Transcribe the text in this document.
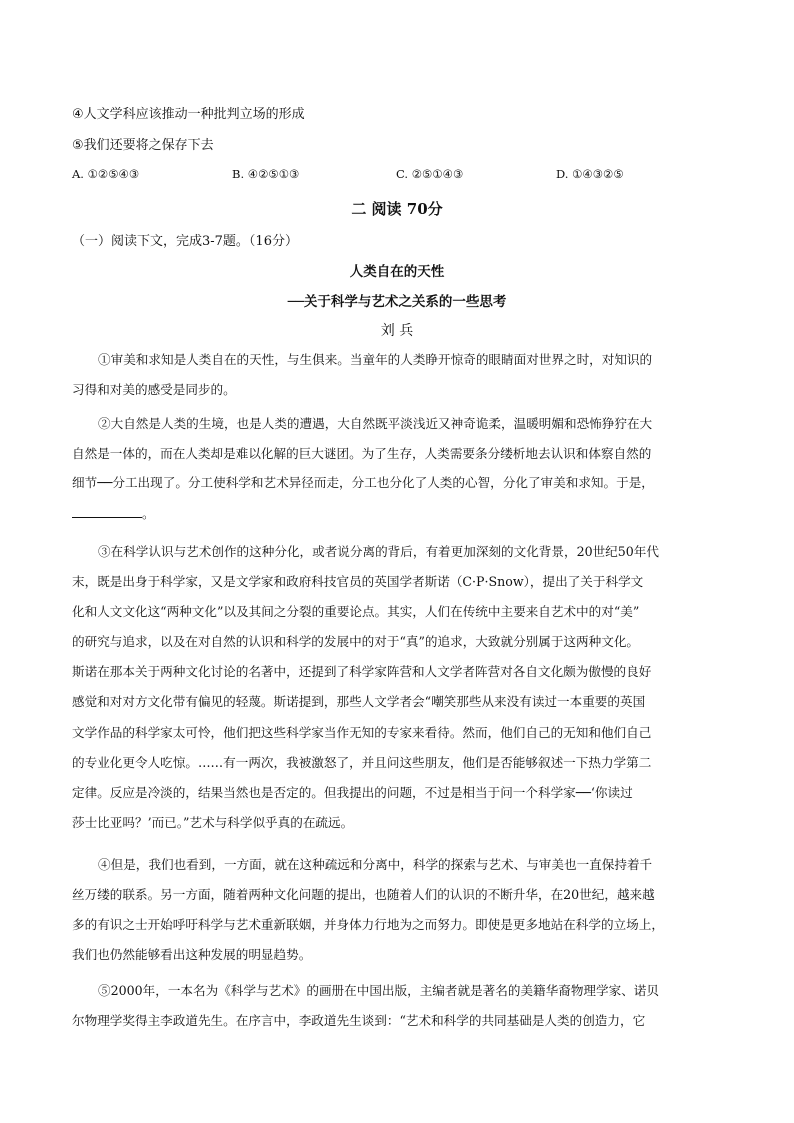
④人文学科应该推动一种批判立场的形成
⑤我们还要将之保存下去
A. ①②⑤④③	B. ④②⑤①③	C. ②⑤①④③	D. ①④③②⑤
二 阅读 70分
（一）阅读下文，完成3-7题。（16分）
人类自在的天性
──关于科学与艺术之关系的一些思考
刘 兵
①审美和求知是人类自在的天性，与生俱来。当童年的人类睁开惊奇的眼睛面对世界之时，对知识的
习得和对美的感受是同步的。
②大自然是人类的生境，也是人类的遭遇，大自然既平淡浅近又神奇诡柔，温暖明媚和恐怖狰狞在大
自然是一体的，而在人类却是难以化解的巨大谜团。为了生存，人类需要条分缕析地去认识和体察自然的
细节──分工出现了。分工使科学和艺术异径而走，分工也分化了人类的心智，分化了审美和求知。于是，
。
③在科学认识与艺术创作的这种分化，或者说分离的背后，有着更加深刻的文化背景，20世纪50年代
末，既是出身于科学家，又是文学家和政府科技官员的英国学者斯诺（C·P·Snow），提出了关于科学文
化和人文文化这“两种文化”以及其间之分裂的重要论点。其实，人们在传统中主要来自艺术中的对“美”
的研究与追求，以及在对自然的认识和科学的发展中的对于“真”的追求，大致就分别属于这两种文化。
斯诺在那本关于两种文化讨论的名著中，还提到了科学家阵营和人文学者阵营对各自文化颇为傲慢的良好
感觉和对对方文化带有偏见的轻蔑。斯诺提到，那些人文学者会“嘲笑那些从来没有读过一本重要的英国
文学作品的科学家太可怜，他们把这些科学家当作无知的专家来看待。然而，他们自己的无知和他们自己
的专业化更令人吃惊。……有一两次，我被激怒了，并且问这些朋友，他们是否能够叙述一下热力学第二
定律。反应是冷淡的，结果当然也是否定的。但我提出的问题，不过是相当于问一个科学家──‘你读过
莎士比亚吗？’而已。”艺术与科学似乎真的在疏远。
④但是，我们也看到，一方面，就在这种疏远和分离中，科学的探索与艺术、与审美也一直保持着千
丝万缕的联系。另一方面，随着两种文化问题的提出，也随着人们的认识的不断升华，在20世纪，越来越
多的有识之士开始呼吁科学与艺术重新联姻，并身体力行地为之而努力。即使是更多地站在科学的立场上，
我们也仍然能够看出这种发展的明显趋势。
⑤2000年，一本名为《科学与艺术》的画册在中国出版，主编者就是著名的美籍华裔物理学家、诺贝
尔物理学奖得主李政道先生。在序言中，李政道先生谈到：“艺术和科学的共同基础是人类的创造力，它
